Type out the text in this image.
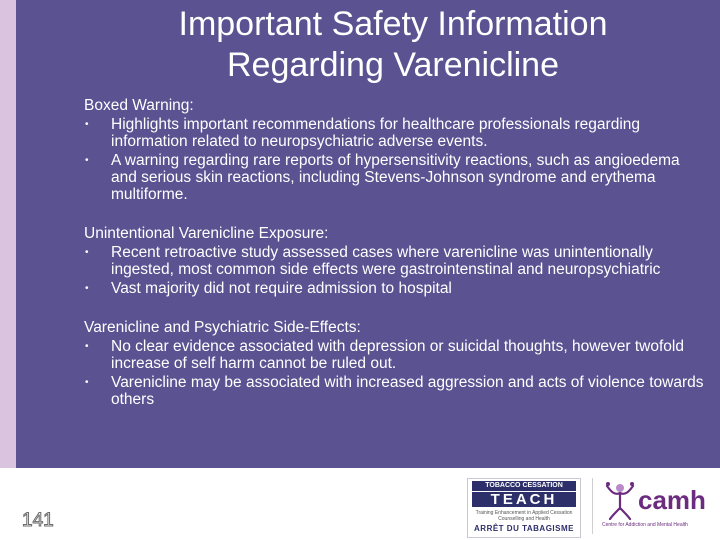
Important Safety Information
Regarding Varenicline
Boxed Warning:
• Highlights important recommendations for healthcare professionals regarding information related to neuropsychiatric adverse events.
• A warning regarding rare reports of hypersensitivity reactions, such as angioedema and serious skin reactions, including Stevens-Johnson syndrome and erythema multiforme.
Unintentional Varenicline Exposure:
• Recent retroactive study assessed cases where varenicline was unintentionally ingested, most common side effects were gastrointenstinal and neuropsychiatric
• Vast majority did not require admission to hospital
Varenicline and Psychiatric Side-Effects:
• No clear evidence associated with depression or suicidal thoughts, however twofold increase of self harm cannot be ruled out.
• Varenicline may be associated with increased aggression and acts of violence towards others
141
TOBACCO CESSATION
TEACH
Training Enhancement in Applied Cessation Counselling and Health
ARRÊT DU TABAGISME
camh
Centre for Addiction and Mental Health
